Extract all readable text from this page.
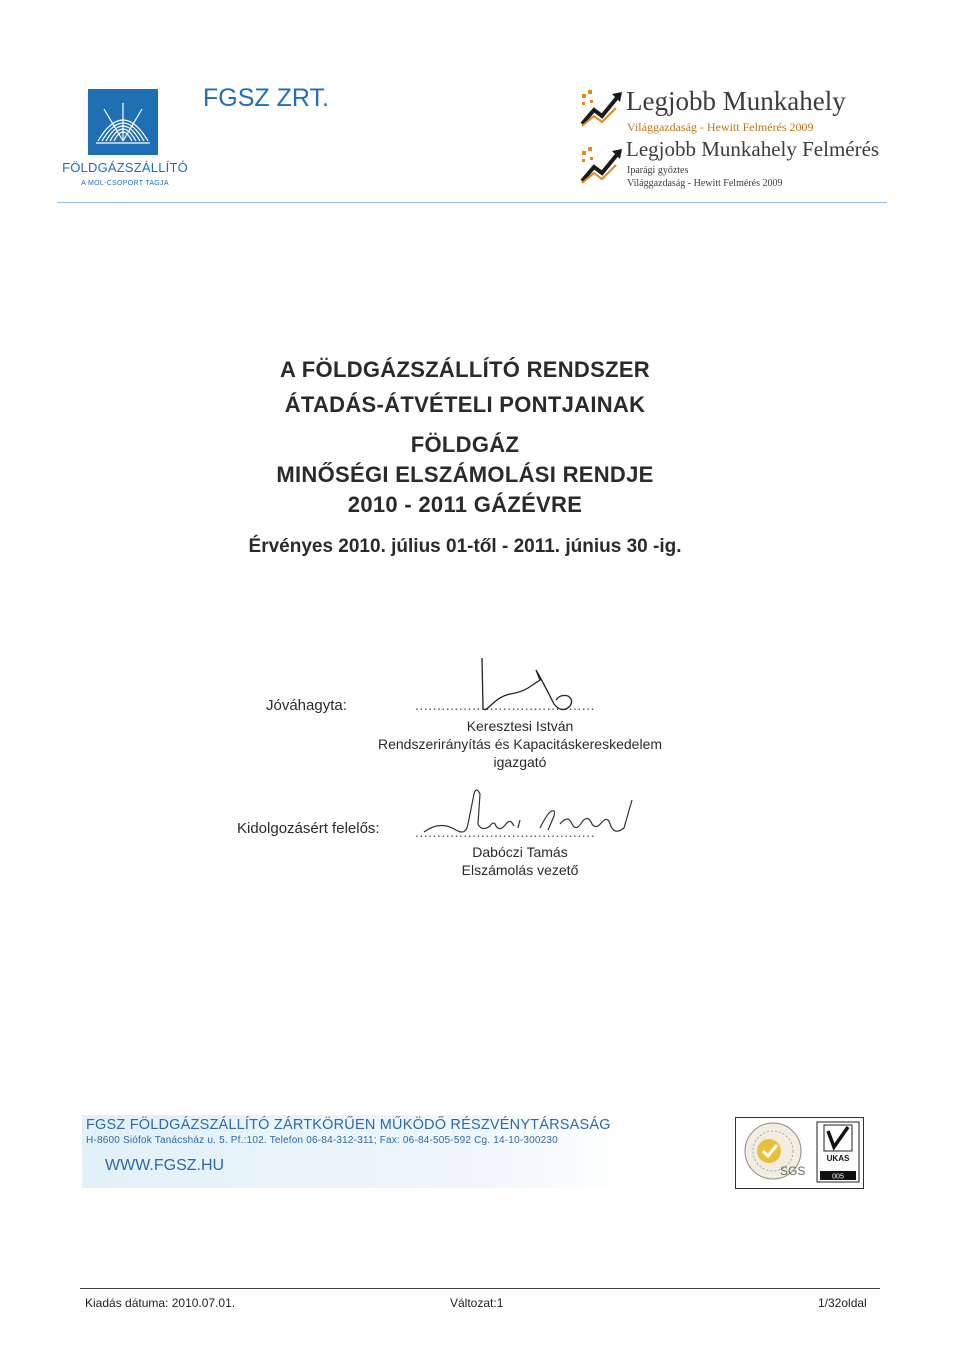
FÖLDGÁZSZÁLLÍTÓ
A MOL-CSOPORT TAGJA
FGSZ ZRT.	Legjobb Munkahely
Világgazdaság - Hewitt Felmérés 2009
Legjobb Munkahely Felmérés
Iparági győztes
Világgazdaság - Hewitt Felmérés 2009
A FÖLDGÁZSZÁLLÍTÓ RENDSZER
ÁTADÁS-ÁTVÉTELI PONTJAINAK
FÖLDGÁZ
MINŐSÉGI ELSZÁMOLÁSI RENDJE
2010 - 2011 GÁZÉVRE
Érvényes 2010. július 01-től - 2011. június 30 -ig.
Jóváhagyta:	.........................................
Keresztesi István
Rendszerirányítás és Kapacitáskereskedelem
igazgató
Kidolgozásért felelős:	.........................................
Dabóczi Tamás
Elszámolás vezető
FGSZ FÖLDGÁZSZÁLLÍTÓ ZÁRTKÖRŰEN MŰKÖDŐ RÉSZVÉNYTÁRSASÁG
H-8600 Siófok Tanácsház u. 5. Pf.:102. Telefon 06-84-312-311; Fax: 06-84-505-592 Cg. 14-10-300230
WWW.FGSZ.HU	SGS
UKAS
005
Kiadás dátuma: 2010.07.01.	Változat:1	1/32oldal
